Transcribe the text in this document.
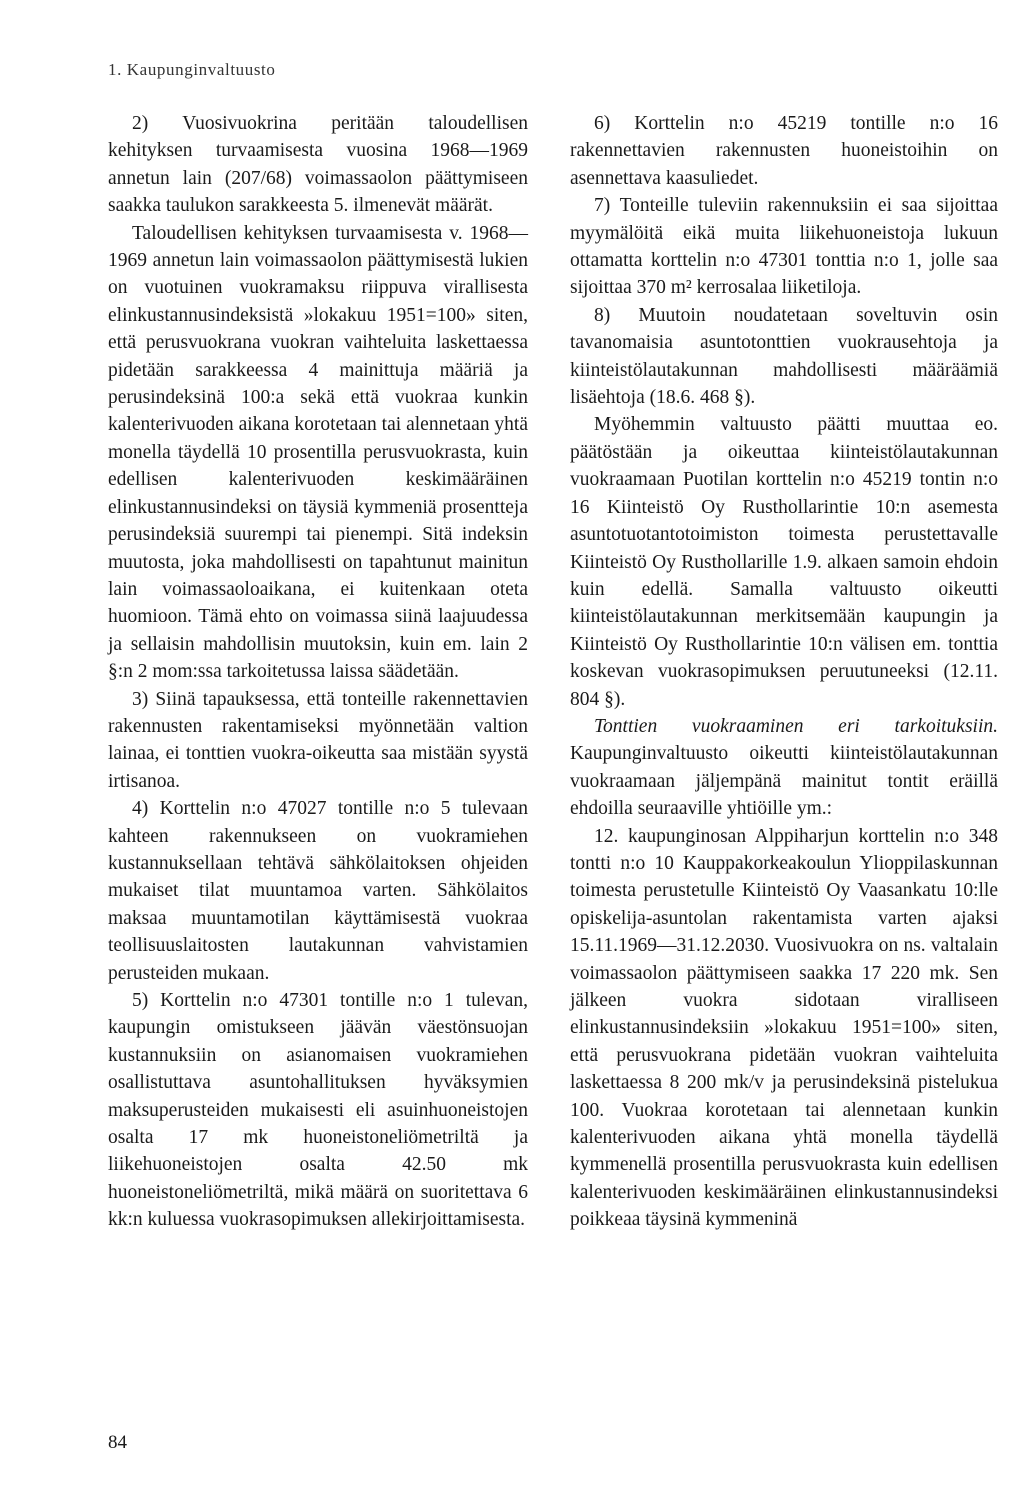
1. Kaupunginvaltuusto

2) Vuosivuokrina peritään taloudellisen kehityksen turvaamisesta vuosina 1968—1969 annetun lain (207/68) voimassaolon päättymiseen saakka taulukon sarakkeesta 5. ilmenevät määrät.

Taloudellisen kehityksen turvaamisesta v. 1968—1969 annetun lain voimassaolon päättymisestä lukien on vuotuinen vuokramaksu riippuva virallisesta elinkustannusindeksistä »lokakuu 1951=100» siten, että perusvuokrana vuokran vaihteluita laskettaessa pidetään sarakkeessa 4 mainittuja määriä ja perusindeksinä 100:a sekä että vuokraa kunkin kalenterivuoden aikana korotetaan tai alennetaan yhtä monella täydellä 10 prosentilla perusvuokrasta, kuin edellisen kalenterivuoden keskimääräinen elinkustannusindeksi on täysiä kymmeniä prosentteja perusindeksiä suurempi tai pienempi. Sitä indeksin muutosta, joka mahdollisesti on tapahtunut mainitun lain voimassaoloaikana, ei kuitenkaan oteta huomioon. Tämä ehto on voimassa siinä laajuudessa ja sellaisin mahdollisin muutoksin, kuin em. lain 2 §:n 2 mom:ssa tarkoitetussa laissa säädetään.

3) Siinä tapauksessa, että tonteille rakennettavien rakennusten rakentamiseksi myönnetään valtion lainaa, ei tonttien vuokra-oikeutta saa mistään syystä irtisanoa.

4) Korttelin n:o 47027 tontille n:o 5 tulevaan kahteen rakennukseen on vuokramiehen kustannuksellaan tehtävä sähkölaitoksen ohjeiden mukaiset tilat muuntamoa varten. Sähkölaitos maksaa muuntamotilan käyttämisestä vuokraa teollisuuslaitosten lautakunnan vahvistamien perusteiden mukaan.

5) Korttelin n:o 47301 tontille n:o 1 tulevan, kaupungin omistukseen jäävän väestönsuojan kustannuksiin on asianomaisen vuokramiehen osallistuttava asuntohallituksen hyväksymien maksuperusteiden mukaisesti eli asuinhuoneistojen osalta 17 mk huoneistoneliömetriltä ja liikehuoneistojen osalta 42.50 mk huoneistoneliömetriltä, mikä määrä on suoritettava 6 kk:n kuluessa vuokrasopimuksen allekirjoittamisesta.

6) Korttelin n:o 45219 tontille n:o 16 rakennettavien rakennusten huoneistoihin on asennettava kaasuliedet.

7) Tonteille tuleviin rakennuksiin ei saa sijoittaa myymälöitä eikä muita liikehuoneistoja lukuun ottamatta korttelin n:o 47301 tonttia n:o 1, jolle saa sijoittaa 370 m² kerrosalaa liiketiloja.

8) Muutoin noudatetaan soveltuvin osin tavanomaisia asuntotonttien vuokrausehtoja ja kiinteistölautakunnan mahdollisesti määräämiä lisäehtoja (18.6. 468 §).

Myöhemmin valtuusto päätti muuttaa eo. päätöstään ja oikeuttaa kiinteistölautakunnan vuokraamaan Puotilan korttelin n:o 45219 tontin n:o 16 Kiinteistö Oy Rusthollarintie 10:n asemesta asuntotuotantotoimiston toimesta perustettavalle Kiinteistö Oy Rusthollarille 1.9. alkaen samoin ehdoin kuin edellä. Samalla valtuusto oikeutti kiinteistölautakunnan merkitsemään kaupungin ja Kiinteistö Oy Rusthollarintie 10:n välisen em. tonttia koskevan vuokrasopimuksen peruutuneeksi (12.11. 804 §).

Tonttien vuokraaminen eri tarkoituksiin. Kaupunginvaltuusto oikeutti kiinteistölautakunnan vuokraamaan jäljempänä mainitut tontit eräillä ehdoilla seuraaville yhtiöille ym.:

12. kaupunginosan Alppiharjun korttelin n:o 348 tontti n:o 10 Kauppakorkeakoulun Ylioppilaskunnan toimesta perustetulle Kiinteistö Oy Vaasankatu 10:lle opiskelija-asuntolan rakentamista varten ajaksi 15.11.1969—31.12.2030. Vuosivuokra on ns. valtalain voimassaolon päättymiseen saakka 17 220 mk. Sen jälkeen vuokra sidotaan viralliseen elinkustannusindeksiin »lokakuu 1951=100» siten, että perusvuokrana pidetään vuokran vaihteluita laskettaessa 8 200 mk/v ja perusindeksinä pistelukua 100. Vuokraa korotetaan tai alennetaan kunkin kalenterivuoden aikana yhtä monella täydellä kymmenellä prosentilla perusvuokrasta kuin edellisen kalenterivuoden keskimääräinen elinkustannusindeksi poikkeaa täysinä kymmeninä

84
